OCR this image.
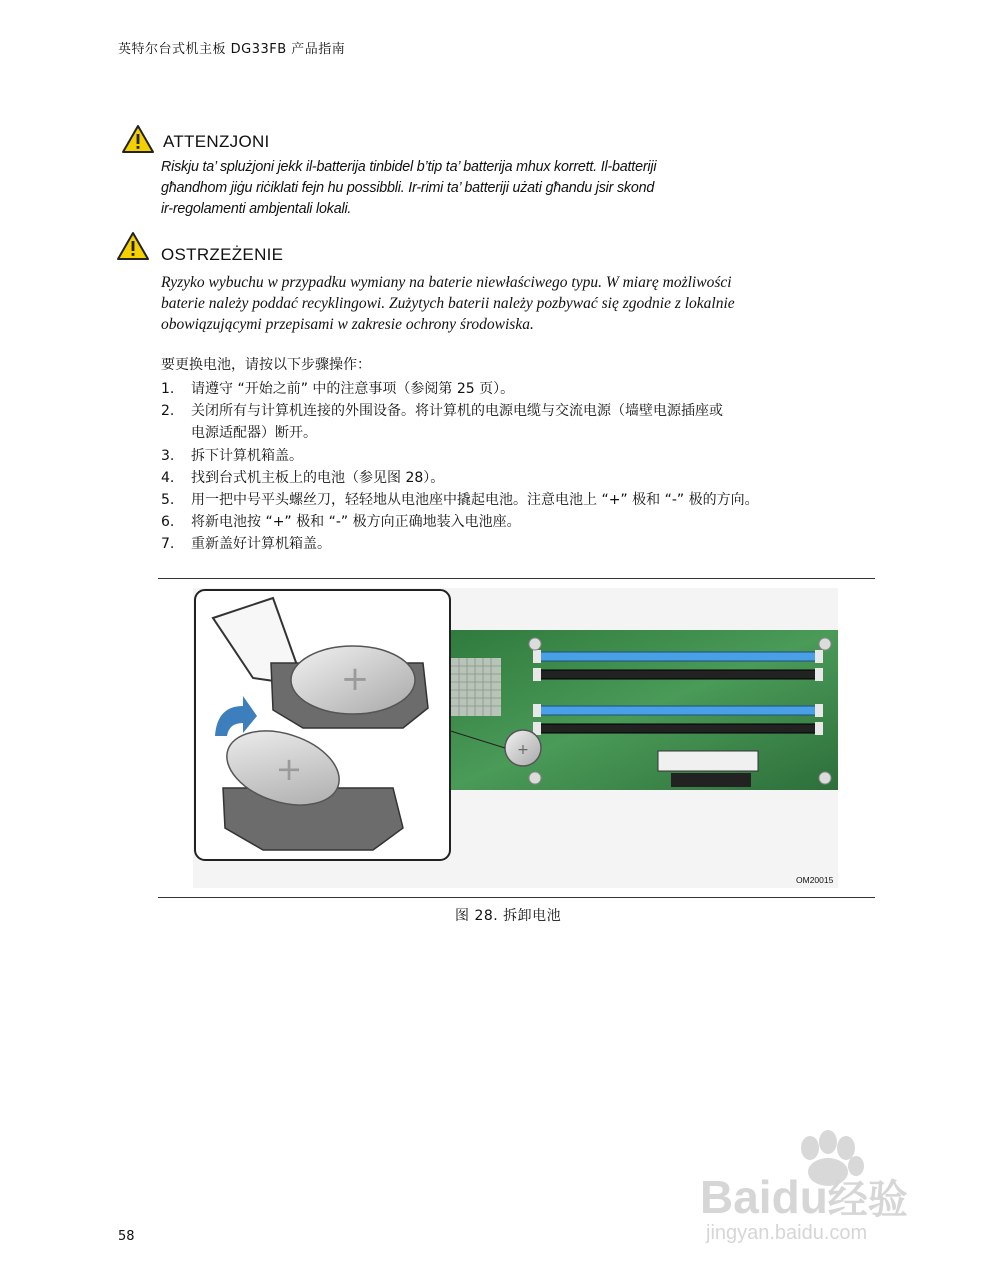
英特尔台式机主板 DG33FB 产品指南
ATTENZJONI
Riskju ta’ splużjoni jekk il-batterija tinbidel b’tip ta’ batterija mhux korrett. Il-batteriji
għandhom jiġu riċiklati fejn hu possibbli. Ir-rimi ta’ batteriji użati għandu jsir skond
ir-regolamenti ambjentali lokali.
OSTRZEŻENIE
Ryzyko wybuchu w przypadku wymiany na baterie niewłaściwego typu. W miarę możliwości
baterie należy poddać recyklingowi. Zużytych baterii należy pozbywać się zgodnie z lokalnie
obowiązującymi przepisami w zakresie ochrony środowiska.
要更换电池，请按以下步骤操作：
1.	请遵守 “开始之前” 中的注意事项（参阅第 25 页）。
2.	关闭所有与计算机连接的外围设备。将计算机的电源电缆与交流电源（墙壁电源插座或
电源适配器）断开。
3.	拆下计算机箱盖。
4.	找到台式机主板上的电池（参见图 28）。
5.	用一把中号平头螺丝刀，轻轻地从电池座中撬起电池。注意电池上 “+” 极和 “-” 极的方向。
6.	将新电池按 “+” 极和 “-” 极方向正确地装入电池座。
7.	重新盖好计算机箱盖。
+
+
+
OM20015
图 28. 拆卸电池
58
Baidu经验
jingyan.baidu.com
